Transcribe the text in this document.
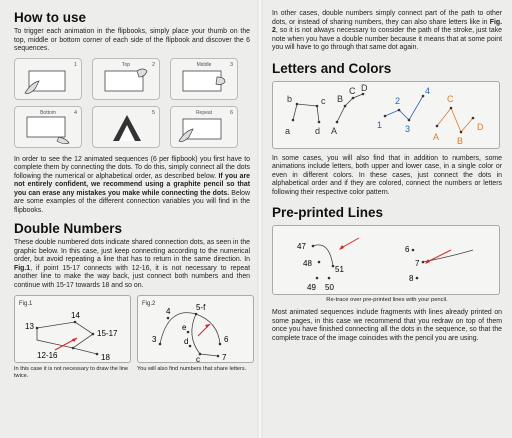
How to use

To trigger each animation in the flipbooks, simply place your thumb on the top, middle or bottom corner of each side of the flipbook and discover the 6 sequences.

1	Top	2	Middle	3
Bottom	4	5	Repeat	6

In order to see the 12 animated sequences (6 per flipbook) you first have to complete them by connecting the dots. To do this, simply connect all the dots following the numerical or alphabetical order, as described below. If you are not entirely confident, we recommend using a graphite pencil so that you can erase any mistakes you make while connecting the dots. Below are some examples of the different connection variables you will find in the flipbooks.

Double Numbers

These double numbered dots indicate shared connection dots, as seen in the graphic below. In this case, just keep connecting according to the numerical order, but avoid repeating a line that has to return in the same direction. In Fig.1, if point 15-17 connects with 12-16, it is not necessary to repeat another line to make the way back, just connect both numbers and then continue with 15-17 towards 18 and so on.

Fig.1
13
14
15-17
12-16	18

In this case it is not necessary to draw the line twice.

Fig.2
4	5-f
3
e
d	6
c	7

You will also find numbers that share letters.

In other cases, double numbers simply connect part of the path to other dots, or instead of sharing numbers, they can also share letters like in Fig. 2, so it is not always necessary to consider the path of the stroke, just take note when you have a double number because it means that at some point you will have to go through that same dot again.

Letters and Colors
b	c
a	d
B
C D
A
1
2
3
4
C
A B
D

In some cases, you will also find that in addition to numbers, some animations include letters, both upper and lower case, in a single color or even in different colors. In these cases, just connect the dots in alphabetical order and if they are colored, connect the numbers or letters following their respective color pattern.

Pre-printed Lines
47
48
51
49 50
6
7
8

Re-trace over pre-printed lines with your pencil.

Most animated sequences include fragments with lines already printed on some pages, in this case we recommend that you redraw on top of them once you have finished connecting all the dots in the sequence, so that the complete trace of the image coincides with the pencil you are using.
